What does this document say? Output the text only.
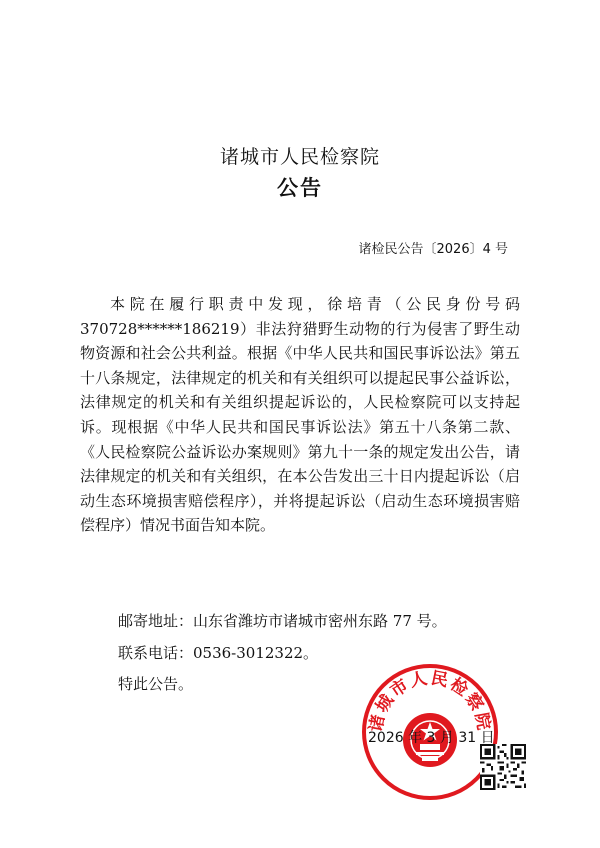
诸城市人民检察院
公告
诸检民公告〔2026〕4 号

本院在履行职责中发现，徐培青（公民身份号码370728******186219）非法狩猎野生动物的行为侵害了野生动物资源和社会公共利益。根据《中华人民共和国民事诉讼法》第五十八条规定，法律规定的机关和有关组织可以提起民事公益诉讼，法律规定的机关和有关组织提起诉讼的，人民检察院可以支持起诉。现根据《中华人民共和国民事诉讼法》第五十八条第二款、《人民检察院公益诉讼办案规则》第九十一条的规定发出公告，请法律规定的机关和有关组织，在本公告发出三十日内提起诉讼（启动生态环境损害赔偿程序），并将提起诉讼（启动生态环境损害赔偿程序）情况书面告知本院。

邮寄地址：山东省潍坊市诸城市密州东路 77 号。
联系电话：0536-3012322。
特此公告。
诸城市人民检察院
2026 年 3 月 31 日
